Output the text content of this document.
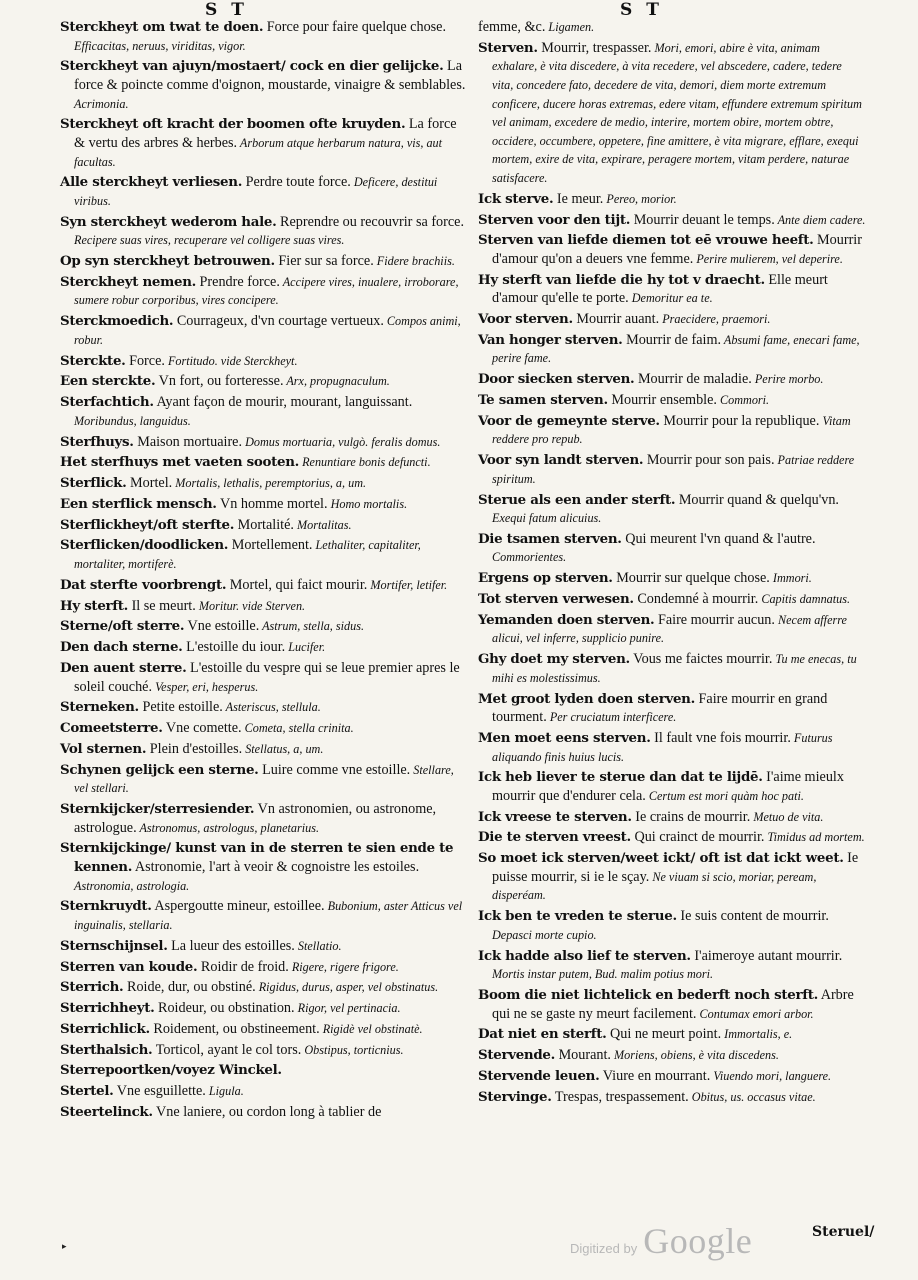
S T	S T
Sterckheyt om twat te doen. Force pour faire quelque chose. Efficacitas, neruus, viriditas, vigor.
Sterckheyt van ajuyn/mostaert/ cock en dier gelijcke. La force & poincte comme d'oignon, moustarde, vinaigre & semblables. Acrimonia.
Sterckheyt oft kracht der boomen ofte kruyden. La force & vertu des arbres & herbes. Arborum atque herbarum natura, vis, aut facultas.
Alle sterckheyt verliesen. Perdre toute force. Deficere, destitui viribus.
Syn sterckheyt wederom hale. Reprendre ou recouvrir sa force. Recipere suas vires, recuperare vel colligere suas vires.
Op syn sterckheyt betrouwen. Fier sur sa force. Fidere brachiis.
Sterckheyt nemen. Prendre force. Accipere vires, inualere, irroborare, sumere robur corporibus, vires concipere.
Sterckmoedich. Courrageux, d'vn courtage vertueux. Compos animi, robur.
Sterckte. Force. Fortitudo. vide Sterckheyt.
Een sterckte. Vn fort, ou forteresse. Arx, propugnaculum.
Sterfachtich. Ayant façon de mourir, mourant, languissant. Moribundus, languidus.
Sterfhuys. Maison mortuaire. Domus mortuaria, vulgò. feralis domus.
Het sterfhuys met vaeten sooten. Renuntiare bonis defuncti.
Sterflick. Mortel. Mortalis, lethalis, peremptorius, a, um.
Een sterflick mensch. Vn homme mortel. Homo mortalis.
Sterflickheyt/oft sterfte. Mortalité. Mortalitas.
Sterflicken/doodlicken. Mortellement. Lethaliter, capitaliter, mortaliter, mortiferè.
Dat sterfte voorbrengt. Mortel, qui faict mourir. Mortifer, letifer.
Hy sterft. Il se meurt. Moritur. vide Sterven.
Sterne/oft sterre. Vne estoille. Astrum, stella, sidus.
Den dach sterne. L'estoille du iour. Lucifer.
Den auent sterre. L'estoille du vespre qui se leue premier apres le soleil couché. Vesper, eri, hesperus.
Sterneken. Petite estoille. Asteriscus, stellula.
Comeetsterre. Vne comette. Cometa, stella crinita.
Vol sternen. Plein d'estoilles. Stellatus, a, um.
Schynen gelijck een sterne. Luire comme vne estoille. Stellare, vel stellari.
Sternkijcker/sterresiender. Vn astronomien, ou astronome, astrologue. Astronomus, astrologus, planetarius.
Sternkijckinge/ kunst van in de sterren te sien ende te kennen. Astronomie, l'art à veoir & cognoistre les estoiles. Astronomia, astrologia.
Sternkruydt. Aspergoutte mineur, estoillee. Bubonium, aster Atticus vel inguinalis, stellaria.
Sternschijnsel. La lueur des estoilles. Stellatio.
Sterren van koude. Roidir de froid. Rigere, rigere frigore.
Sterrich. Roide, dur, ou obstiné. Rigidus, durus, asper, vel obstinatus.
Sterrichheyt. Roideur, ou obstination. Rigor, vel pertinacia.
Sterrichlick. Roidement, ou obstineement. Rigidè vel obstinatè.
Sterthalsich. Torticol, ayant le col tors. Obstipus, torticnius.
Sterrepoortken/voyez Winckel.
Stertel. Vne esguillette. Ligula.
Steertelinck. Vne laniere, ou cordon long à tablier de
femme, &c. Ligamen.
Sterven. Mourrir, trespasser. Mori, emori, abire è vita, animam exhalare, è vita discedere, à vita recedere, vel abscedere, cadere, tedere vita, concedere fato, decedere de vita, demori, diem morte extremum conficere, ducere horas extremas, edere vitam, effundere extremum spiritum vel animam, excedere de medio, interire, mortem obire, mortem obtre, occidere, occumbere, oppetere, fine amittere, è vita migrare, efflare, exequi mortem, exire de vita, expirare, peragere mortem, vitam perdere, naturae satisfacere.
Ick sterve. Ie meur. Pereo, morior.
Sterven voor den tijt. Mourrir deuant le temps. Ante diem cadere.
Sterven van liefde diemen tot eē vrouwe heeft. Mourrir d'amour qu'on a deuers vne femme. Perire mulierem, vel deperire.
Hy sterft van liefde die hy tot v draecht. Elle meurt d'amour qu'elle te porte. Demoritur ea te.
Voor sterven. Mourrir auant. Praecidere, praemori.
Van honger sterven. Mourrir de faim. Absumi fame, enecari fame, perire fame.
Door siecken sterven. Mourrir de maladie. Perire morbo.
Te samen sterven. Mourrir ensemble. Commori.
Voor de gemeynte sterve. Mourrir pour la republique. Vitam reddere pro repub.
Voor syn landt sterven. Mourrir pour son pais. Patriae reddere spiritum.
Sterue als een ander sterft. Mourrir quand & quelqu'vn. Exequi fatum alicuius.
Die tsamen sterven. Qui meurent l'vn quand & l'autre. Commorientes.
Ergens op sterven. Mourrir sur quelque chose. Immori.
Tot sterven verwesen. Condemné à mourrir. Capitis damnatus.
Yemanden doen sterven. Faire mourrir aucun. Necem afferre alicui, vel inferre, supplicio punire.
Ghy doet my sterven. Vous me faictes mourrir. Tu me enecas, tu mihi es molestissimus.
Met groot lyden doen sterven. Faire mourrir en grand tourment. Per cruciatum interficere.
Men moet eens sterven. Il fault vne fois mourrir. Futurus aliquando finis huius lucis.
Ick heb liever te sterue dan dat te lijdē. I'aime mieulx mourrir que d'endurer cela. Certum est mori quàm hoc pati.
Ick vreese te sterven. Ie crains de mourrir. Metuo de vita.
Die te sterven vreest. Qui crainct de mourrir. Timidus ad mortem.
So moet ick sterven/weet ickt/ oft ist dat ickt weet. Ie puisse mourrir, si ie le sçay. Ne viuam si scio, moriar, peream, disperéam.
Ick ben te vreden te sterue. Ie suis content de mourrir. Depasci morte cupio.
Ick hadde also lief te sterven. I'aimeroye autant mourrir. Mortis instar putem, Bud. malim potius mori.
Boom die niet lichtelick en bederft noch sterft. Arbre qui ne se gaste ny meurt facilement. Contumax emori arbor.
Dat niet en sterft. Qui ne meurt point. Immortalis, e.
Stervende. Mourant. Moriens, obiens, è vita discedens.
Stervende leuen. Viure en mourrant. Viuendo mori, languere.
Stervinge. Trespas, trespassement. Obitus, us. occasus vitae.
Steruel/
▸	Digitized by Google
